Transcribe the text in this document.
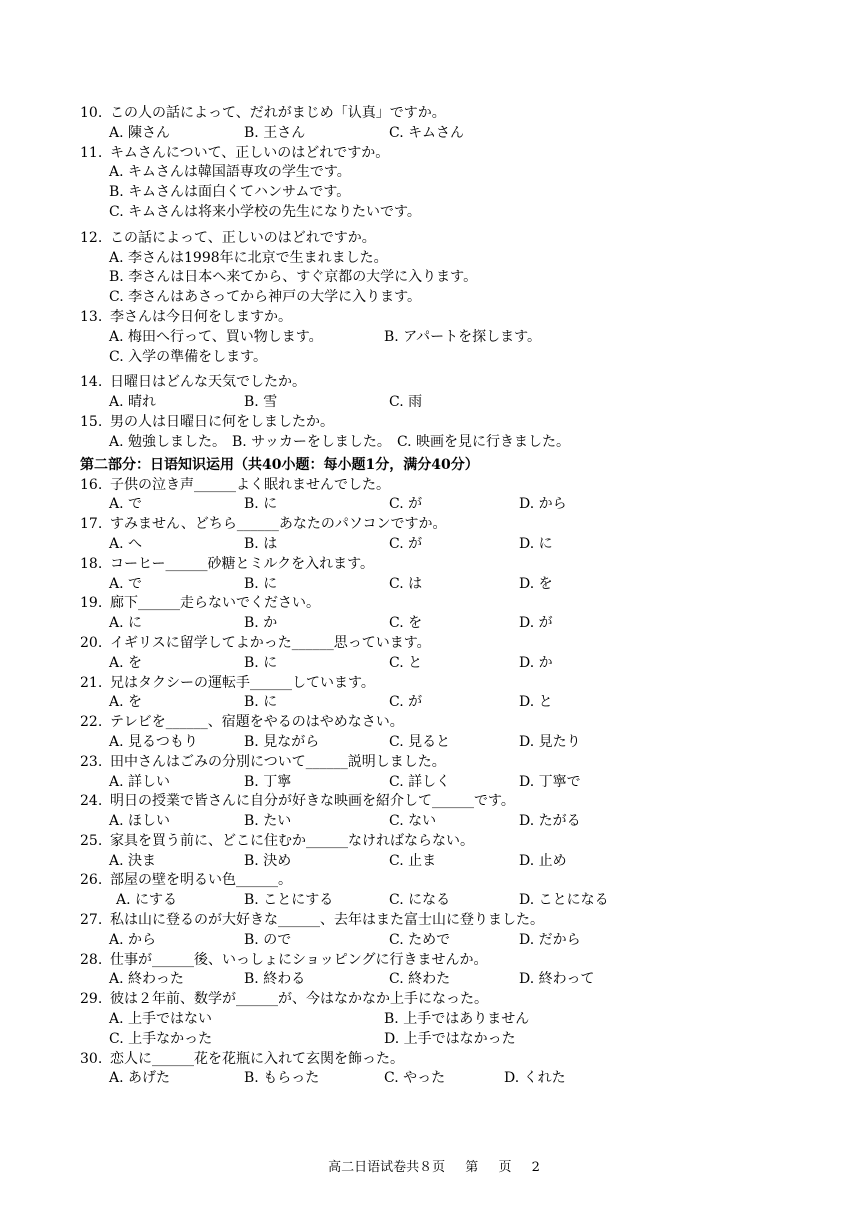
10. この人の話によって、だれがまじめ「认真」ですか。
A. 陳さん	B. 王さん	C. キムさん
11. キムさんについて、正しいのはどれですか。
A. キムさんは韓国語専攻の学生です。
B. キムさんは面白くてハンサムです。
C. キムさんは将来小学校の先生になりたいです。
12. この話によって、正しいのはどれですか。
A. 李さんは1998年に北京で生まれました。
B. 李さんは日本へ来てから、すぐ京都の大学に入ります。
C. 李さんはあさってから神戸の大学に入ります。
13. 李さんは今日何をしますか。
A. 梅田へ行って、買い物します。	B. アパートを探します。
C. 入学の準備をします。
14. 日曜日はどんな天気でしたか。
A. 晴れ	B. 雪	C. 雨
15. 男の人は日曜日に何をしましたか。
A. 勉強しました。 B. サッカーをしました。 C. 映画を見に行きました。
第二部分：日语知识运用（共40小题：每小题1分，满分40分）
16. 子供の泣き声______よく眠れませんでした。
A. で	B. に	C. が	D. から
17. すみません、どちら______あなたのパソコンですか。
A. へ	B. は	C. が	D. に
18. コーヒー______砂糖とミルクを入れます。
A. で	B. に	C. は	D. を
19. 廊下______走らないでください。
A. に	B. か	C. を	D. が
20. イギリスに留学してよかった______思っています。
A. を	B. に	C. と	D. か
21. 兄はタクシーの運転手______しています。
A. を	B. に	C. が	D. と
22. テレビを______、宿題をやるのはやめなさい。
A. 見るつもり	B. 見ながら	C. 見ると	D. 見たり
23. 田中さんはごみの分別について______説明しました。
A. 詳しい	B. 丁寧	C. 詳しく	D. 丁寧で
24. 明日の授業で皆さんに自分が好きな映画を紹介して______です。
A. ほしい	B. たい	C. ない	D. たがる
25. 家具を買う前に、どこに住むか______なければならない。
A. 決ま	B. 決め	C. 止ま	D. 止め
26. 部屋の壁を明るい色______。
A. にする	B. ことにする	C. になる	D. ことになる
27. 私は山に登るのが大好きな______、去年はまた富士山に登りました。
A. から	B. ので	C. ためで	D. だから
28. 仕事が______後、いっしょにショッピングに行きませんか。
A. 終わった	B. 終わる	C. 終わた	D. 終わって
29. 彼は２年前、数学が______が、今はなかなか上手になった。
A. 上手ではない	B. 上手ではありません
C. 上手なかった	D. 上手ではなかった
30. 恋人に______花を花瓶に入れて玄関を飾った。
A. あげた	B. もらった	C. やった	D. くれた
高二日语试卷共８页 第 页 2
